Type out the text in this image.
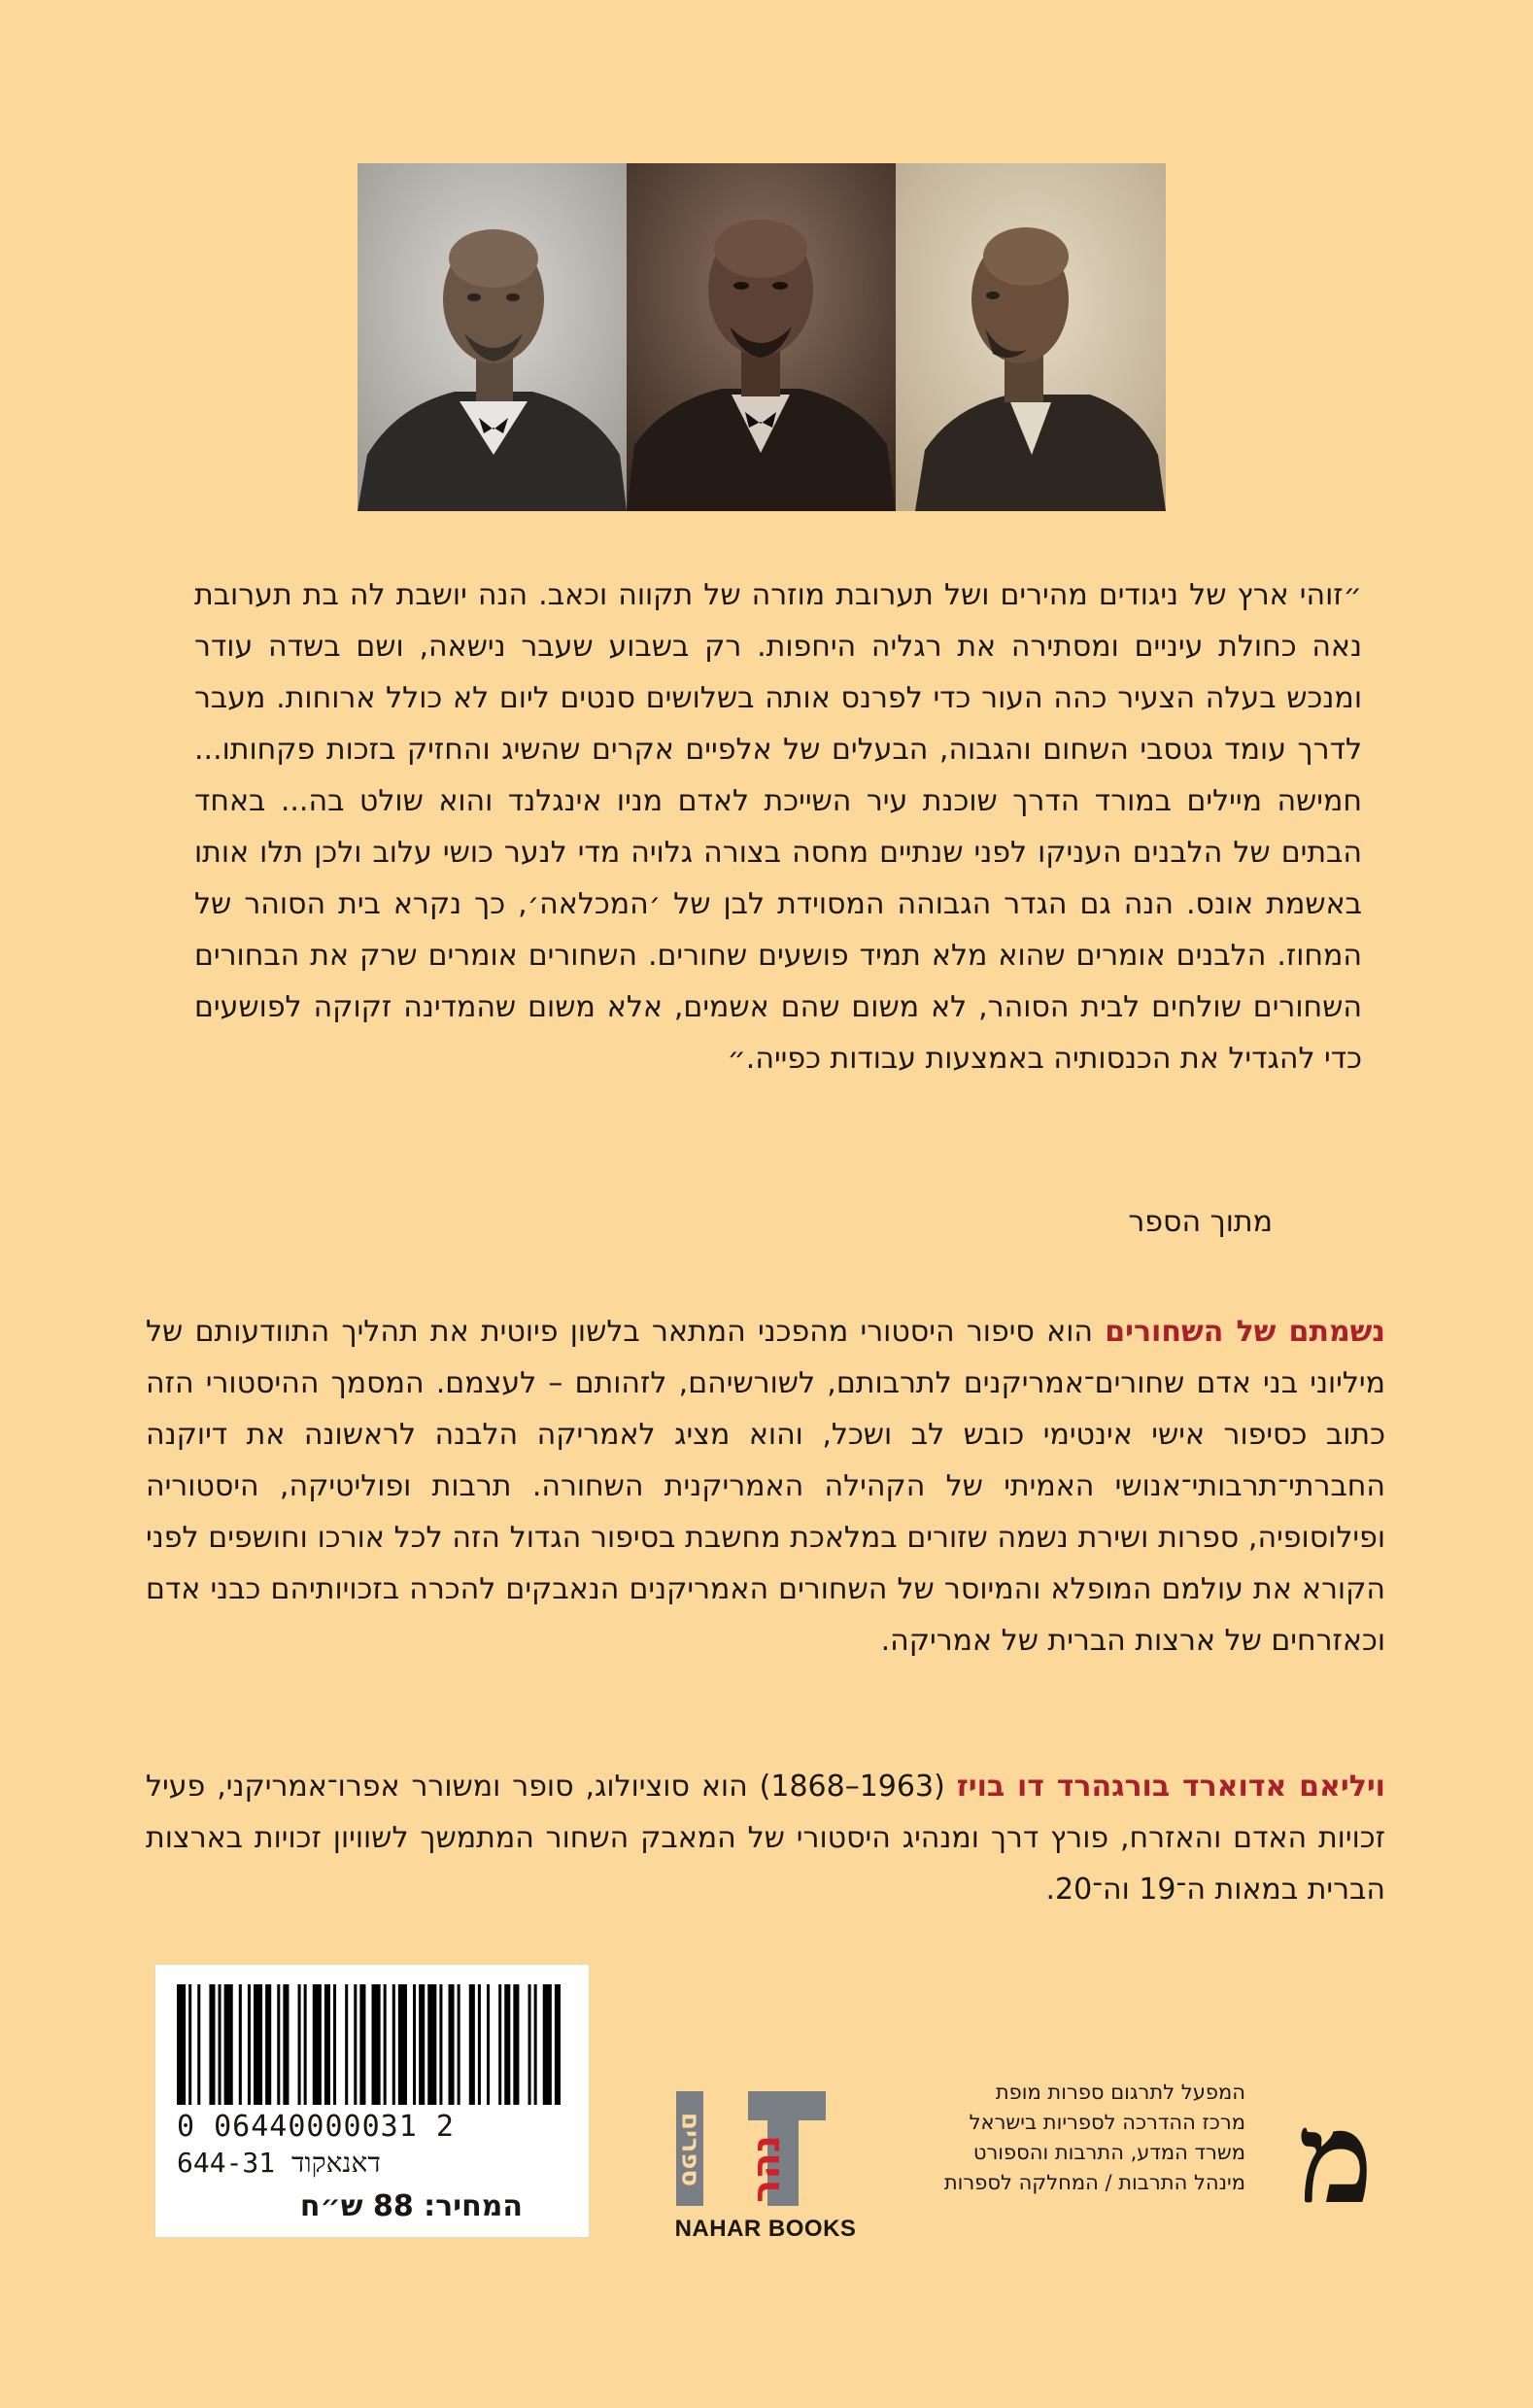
״זוהי ארץ של ניגודים מהירים ושל תערובת מוזרה של תקווה וכאב. הנה יושבת לה בת תערובת נאה כחולת עיניים ומסתירה את רגליה היחפות. רק בשבוע שעבר נישאה, ושם בשדה עודר ומנכש בעלה הצעיר כהה העור כדי לפרנס אותה בשלושים סנטים ליום לא כולל ארוחות. מעבר לדרך עומד גטסבי השחום והגבוה, הבעלים של אלפיים אקרים שהשיג והחזיק בזכות פקחותו... חמישה מיילים במורד הדרך שוכנת עיר השייכת לאדם מניו אינגלנד והוא שולט בה... באחד הבתים של הלבנים העניקו לפני שנתיים מחסה בצורה גלויה מדי לנער כושי עלוב ולכן תלו אותו באשמת אונס. הנה גם הגדר הגבוהה המסוידת לבן של ׳המכלאה׳, כך נקרא בית הסוהר של המחוז. הלבנים אומרים שהוא מלא תמיד פושעים שחורים. השחורים אומרים שרק את הבחורים השחורים שולחים לבית הסוהר, לא משום שהם אשמים, אלא משום שהמדינה זקוקה לפושעים כדי להגדיל את הכנסותיה באמצעות עבודות כפייה.״
מתוך הספר
נשמתם של השחורים הוא סיפור היסטורי מהפכני המתאר בלשון פיוטית את תהליך התוודעותם של מיליוני בני אדם שחורים־אמריקנים לתרבותם, לשורשיהם, לזהותם – לעצמם. המסמך ההיסטורי הזה כתוב כסיפור אישי אינטימי כובש לב ושכל, והוא מציג לאמריקה הלבנה לראשונה את דיוקנה החברתי־תרבותי־אנושי האמיתי של הקהילה האמריקנית השחורה. תרבות ופוליטיקה, היסטוריה ופילוסופיה, ספרות ושירת נשמה שזורים במלאכת מחשבת בסיפור הגדול הזה לכל אורכו וחושפים לפני הקורא את עולמם המופלא והמיוסר של השחורים האמריקנים הנאבקים להכרה בזכויותיהם כבני אדם וכאזרחים של ארצות הברית של אמריקה.
ויליאם אדוארד בורגהרד דו בויז (1963–1868) הוא סוציולוג, סופר ומשורר אפרו־אמריקני, פעיל זכויות האדם והאזרח, פורץ דרך ומנהיג היסטורי של המאבק השחור המתמשך לשוויון זכויות בארצות הברית במאות ה־19 וה־20.
0 06440000031 2
644-31 דאנאקוד
המחיר: 88 ש״ח
ספרים נהר
NAHAR BOOKS	מ
המפעל לתרגום ספרות מופת
מרכז ההדרכה לספריות בישראל
משרד המדע, התרבות והספורט
מינהל התרבות / המחלקה לספרות
